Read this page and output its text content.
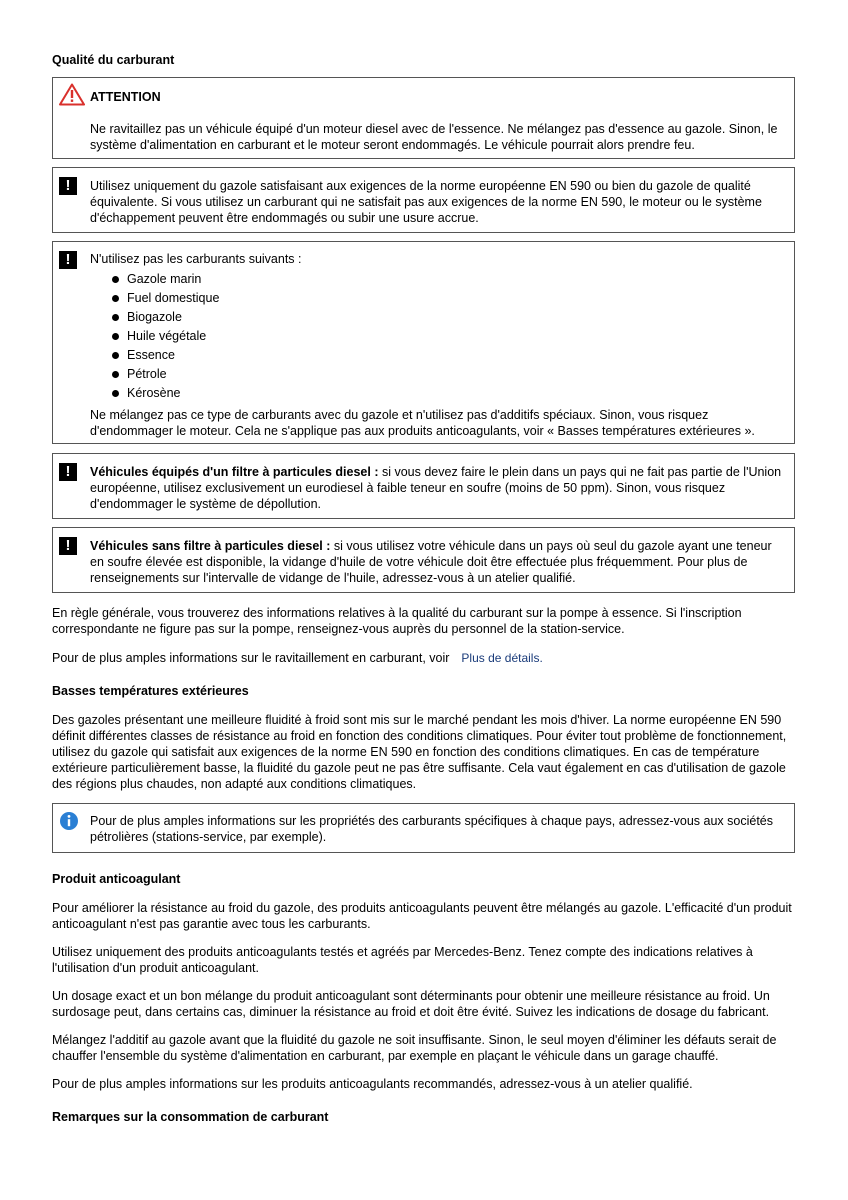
Qualité du carburant
ATTENTION
Ne ravitaillez pas un véhicule équipé d'un moteur diesel avec de l'essence. Ne mélangez pas d'essence au gazole. Sinon, le système d'alimentation en carburant et le moteur seront endommagés. Le véhicule pourrait alors prendre feu.
!	Utilisez uniquement du gazole satisfaisant aux exigences de la norme européenne EN 590 ou bien du gazole de qualité équivalente. Si vous utilisez un carburant qui ne satisfait pas aux exigences de la norme EN 590, le moteur ou le système d'échappement peuvent être endommagés ou subir une usure accrue.
!	N'utilisez pas les carburants suivants :
Gazole marin
Fuel domestique
Biogazole
Huile végétale
Essence
Pétrole
Kérosène
Ne mélangez pas ce type de carburants avec du gazole et n'utilisez pas d'additifs spéciaux. Sinon, vous risquez d'endommager le moteur. Cela ne s'applique pas aux produits anticoagulants, voir « Basses températures extérieures ».
!	Véhicules équipés d'un filtre à particules diesel : si vous devez faire le plein dans un pays qui ne fait pas partie de l'Union européenne, utilisez exclusivement un eurodiesel à faible teneur en soufre (moins de 50 ppm). Sinon, vous risquez d'endommager le système de dépollution.
!	Véhicules sans filtre à particules diesel : si vous utilisez votre véhicule dans un pays où seul du gazole ayant une teneur en soufre élevée est disponible, la vidange d'huile de votre véhicule doit être effectuée plus fréquemment. Pour plus de renseignements sur l'intervalle de vidange de l'huile, adressez-vous à un atelier qualifié.

En règle générale, vous trouverez des informations relatives à la qualité du carburant sur la pompe à essence. Si l'inscription correspondante ne figure pas sur la pompe, renseignez-vous auprès du personnel de la station-service.

Pour de plus amples informations sur le ravitaillement en carburant, voir Plus de détails.

Basses températures extérieures

Des gazoles présentant une meilleure fluidité à froid sont mis sur le marché pendant les mois d'hiver. La norme européenne EN 590 définit différentes classes de résistance au froid en fonction des conditions climatiques. Pour éviter tout problème de fonctionnement, utilisez du gazole qui satisfait aux exigences de la norme EN 590 en fonction des conditions climatiques. En cas de température extérieure particulièrement basse, la fluidité du gazole peut ne pas être suffisante. Cela vaut également en cas d'utilisation de gazole des régions plus chaudes, non adapté aux conditions climatiques.

Pour de plus amples informations sur les propriétés des carburants spécifiques à chaque pays, adressez-vous aux sociétés pétrolières (stations-service, par exemple).
Produit anticoagulant

Pour améliorer la résistance au froid du gazole, des produits anticoagulants peuvent être mélangés au gazole. L'efficacité d'un produit anticoagulant n'est pas garantie avec tous les carburants.

Utilisez uniquement des produits anticoagulants testés et agréés par Mercedes-Benz. Tenez compte des indications relatives à l'utilisation d'un produit anticoagulant.

Un dosage exact et un bon mélange du produit anticoagulant sont déterminants pour obtenir une meilleure résistance au froid. Un surdosage peut, dans certains cas, diminuer la résistance au froid et doit être évité. Suivez les indications de dosage du fabricant.

Mélangez l'additif au gazole avant que la fluidité du gazole ne soit insuffisante. Sinon, le seul moyen d'éliminer les défauts serait de chauffer l'ensemble du système d'alimentation en carburant, par exemple en plaçant le véhicule dans un garage chauffé.

Pour de plus amples informations sur les produits anticoagulants recommandés, adressez-vous à un atelier qualifié.

Remarques sur la consommation de carburant
